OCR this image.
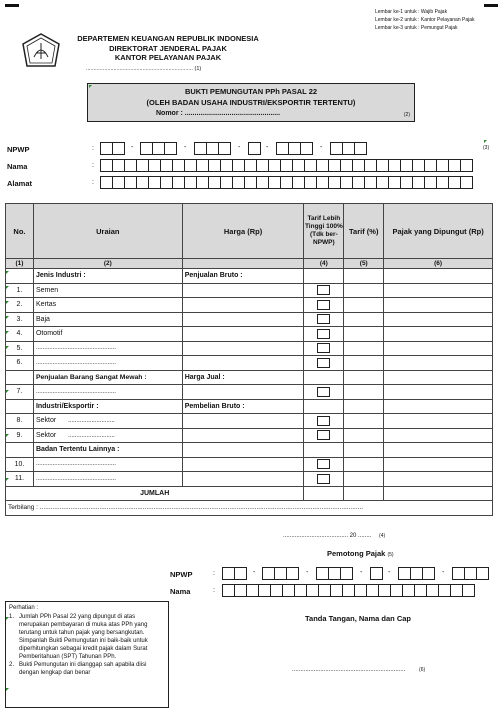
Lembar ke-1 untuk : Wajib Pajak
Lembar ke-2 untuk : Kantor Pelayanan Pajak
Lembar ke-3 untuk : Pemungut Pajak
DEPARTEMEN KEUANGAN REPUBLIK INDONESIA
DIREKTORAT JENDERAL PAJAK
KANTOR PELAYANAN PAJAK
...................................................................... (1)
BUKTI PEMUNGUTAN PPh PASAL 22
(OLEH BADAN USAHA INDUSTRI/EKSPORTIR TERTENTU)
Nomor : .................................................	(2)
NPWP
Nama
Alamat
:
:
:
(3)
-	-	-	-	-
No.	Uraian	Harga (Rp)	Tarif Lebih Tinggi 100% (Tdk ber- NPWP)	Tarif (%)	Pajak yang Dipungut (Rp)
(1)	(2)		(4)	(5)	(6)
	Jenis Industri :	Penjualan Bruto :			
1.	Semen				
2.	Kertas				
3.	Baja				
4.	Otomotif				
5.	................................................				
6.	................................................				
	Penjualan Barang Sangat Mewah :	Harga Jual :			
7.	................................................				
	Industri/Eksportir :	Pembelian Bruto :			
8.	Sektor ............................				
9.	Sektor ............................				
	Badan Tertentu Lainnya :				
10.	................................................				
11.	................................................				
JUMLAH					
Terbilang : ...................................................................................................................................................................................					
....................................... 20 ........ (4)
Pemotong Pajak (5)
NPWP
Nama
:
:
-	-	-	-	-
Tanda Tangan, Nama dan Cap
....................................................................	(6)
Perhatian :
1. Jumlah PPh Pasal 22 yang dipungut di atas merupakan pembayaran di muka atas PPh yang terutang untuk tahun pajak yang bersangkutan. Simpanlah Bukti Pemungutan ini baik-baik untuk diperhitungkan sebagai kredit pajak dalam Surat Pemberitahuan (SPT) Tahunan PPh.
2. Bukti Pemungutan ini dianggap sah apabila diisi dengan lengkap dan benar
